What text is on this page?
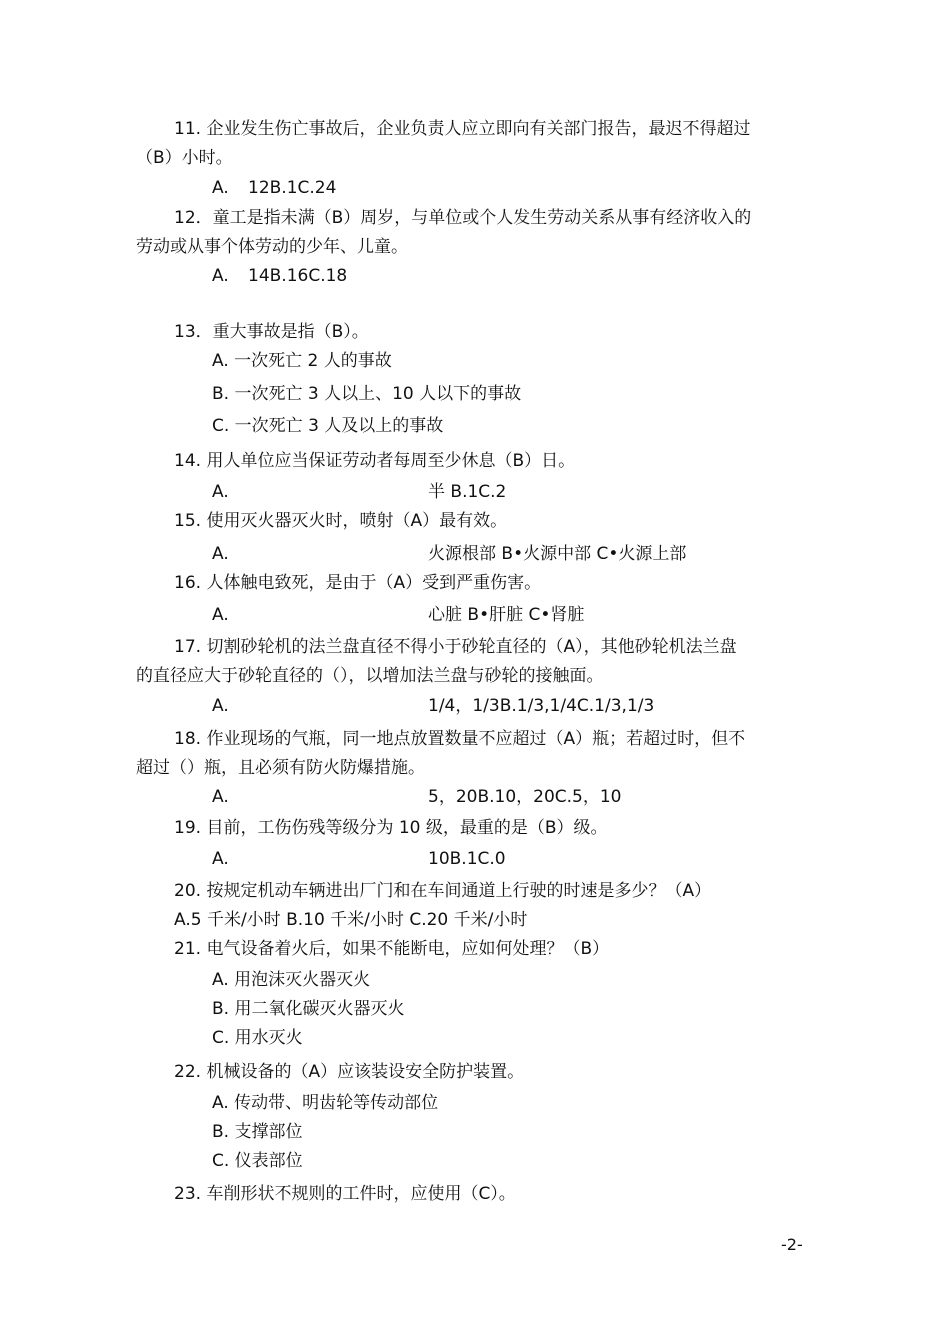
11. 企业发生伤亡事故后，企业负责人应立即向有关部门报告，最迟不得超过
（B）小时。
A. 12B.1C.24
12．童工是指未满（B）周岁，与单位或个人发生劳动关系从事有经济收入的
劳动或从事个体劳动的少年、儿童。
A. 14B.16C.18
13．重大事故是指（B）。
A. 一次死亡 2 人的事故
B. 一次死亡 3 人以上、10 人以下的事故
C. 一次死亡 3 人及以上的事故
14. 用人单位应当保证劳动者每周至少休息（B）日。
A.	半 B.1C.2
15. 使用灭火器灭火时，喷射（A）最有效。
A.	火源根部 B•火源中部 C•火源上部
16. 人体触电致死，是由于（A）受到严重伤害。
A.	心脏 B•肝脏 C•肾脏
17. 切割砂轮机的法兰盘直径不得小于砂轮直径的（A），其他砂轮机法兰盘
的直径应大于砂轮直径的（），以增加法兰盘与砂轮的接触面。
A.	1/4，1/3B.1/3,1/4C.1/3,1/3
18. 作业现场的气瓶，同一地点放置数量不应超过（A）瓶；若超过时，但不
超过（）瓶，且必须有防火防爆措施。
A.	5，20B.10，20C.5，10
19. 目前，工伤伤残等级分为 10 级，最重的是（B）级。
A.	10B.1C.0
20. 按规定机动车辆进出厂门和在车间通道上行驶的时速是多少？（A）
A.5 千米/小时 B.10 千米/小时 C.20 千米/小时
21. 电气设备着火后，如果不能断电，应如何处理？（B）
A. 用泡沫灭火器灭火
B. 用二氧化碳灭火器灭火
C. 用水灭火
22. 机械设备的（A）应该装设安全防护装置。
A. 传动带、明齿轮等传动部位
B. 支撑部位
C. 仪表部位
23. 车削形状不规则的工件时，应使用（C）。
-2-
